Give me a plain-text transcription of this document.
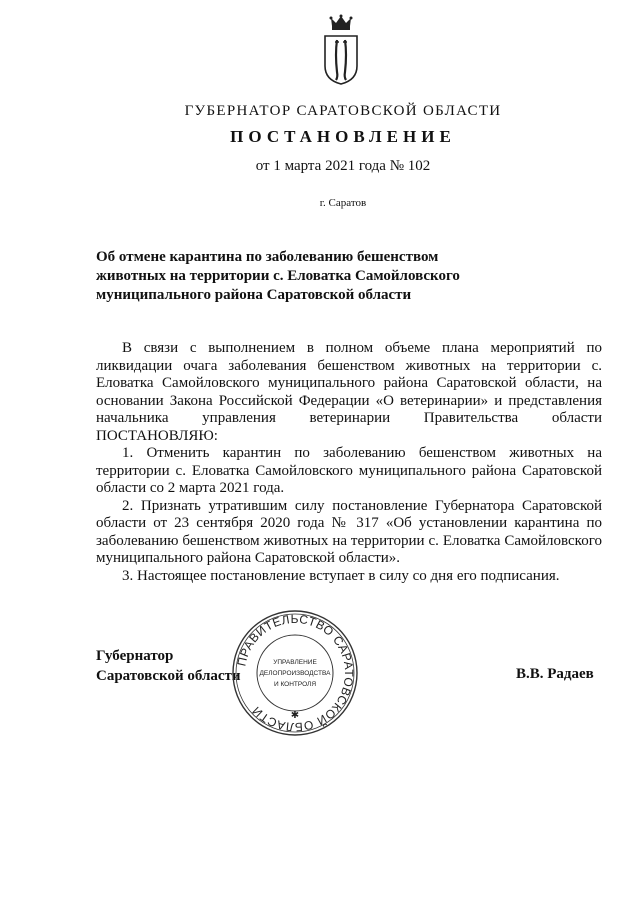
ГУБЕРНАТОР САРАТОВСКОЙ ОБЛАСТИ
ПОСТАНОВЛЕНИЕ
от 1 марта 2021 года № 102
г. Саратов
Об отмене карантина по заболеванию бешенством
животных на территории с. Еловатка Самойловского
муниципального района Саратовской области

В связи с выполнением в полном объеме плана мероприятий по ликвидации очага заболевания бешенством животных на территории с. Еловатка Самойловского муниципального района Саратовской области, на основании Закона Российской Федерации «О ветеринарии» и представления начальника управления ветеринарии Правительства области ПОСТАНОВЛЯЮ:

1. Отменить карантин по заболеванию бешенством животных на территории с. Еловатка Самойловского муниципального района Саратовской области со 2 марта 2021 года.

2. Признать утратившим силу постановление Губернатора Саратовской области от 23 сентября 2020 года № 317 «Об установлении карантина по заболеванию бешенством животных на территории с. Еловатка Самойловского муниципального района Саратовской области».

3. Настоящее постановление вступает в силу со дня его подписания.

Губернатор
Саратовской области
ПРАВИТЕЛЬСТВО САРАТОВСКОЙ ОБЛАСТИ
УПРАВЛЕНИЕ
ДЕЛОПРОИЗВОДСТВА
И КОНТРОЛЯ
✱
В.В. Радаев
